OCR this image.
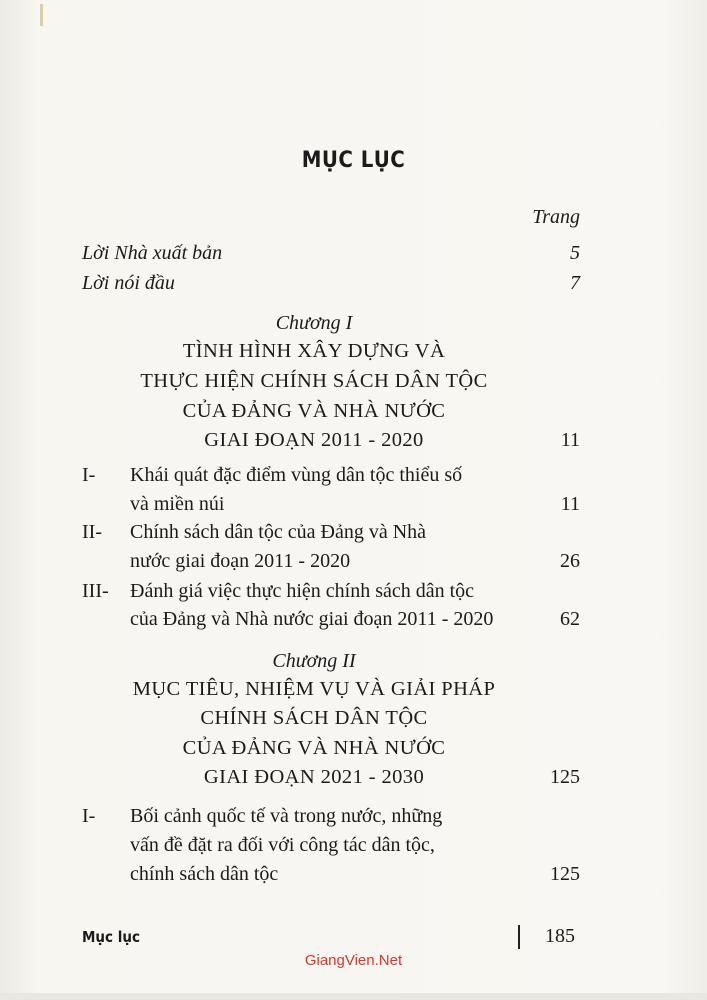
MỤC LỤC
Trang
Lời Nhà xuất bản	5
Lời nói đầu	7
Chương I
TÌNH HÌNH XÂY DỰNG VÀ
THỰC HIỆN CHÍNH SÁCH DÂN TỘC
CỦA ĐẢNG VÀ NHÀ NƯỚC
GIAI ĐOẠN 2011 - 2020	11
I- Khái quát đặc điểm vùng dân tộc thiểu số
và miền núi	11
II- Chính sách dân tộc của Đảng và Nhà
nước giai đoạn 2011 - 2020	26
III- Đánh giá việc thực hiện chính sách dân tộc
của Đảng và Nhà nước giai đoạn 2011 - 2020	62
Chương II
MỤC TIÊU, NHIỆM VỤ VÀ GIẢI PHÁP
CHÍNH SÁCH DÂN TỘC
CỦA ĐẢNG VÀ NHÀ NƯỚC
GIAI ĐOẠN 2021 - 2030	125
I- Bối cảnh quốc tế và trong nước, những
vấn đề đặt ra đối với công tác dân tộc,
chính sách dân tộc	125
Mục lục	185
GiangVien.Net
